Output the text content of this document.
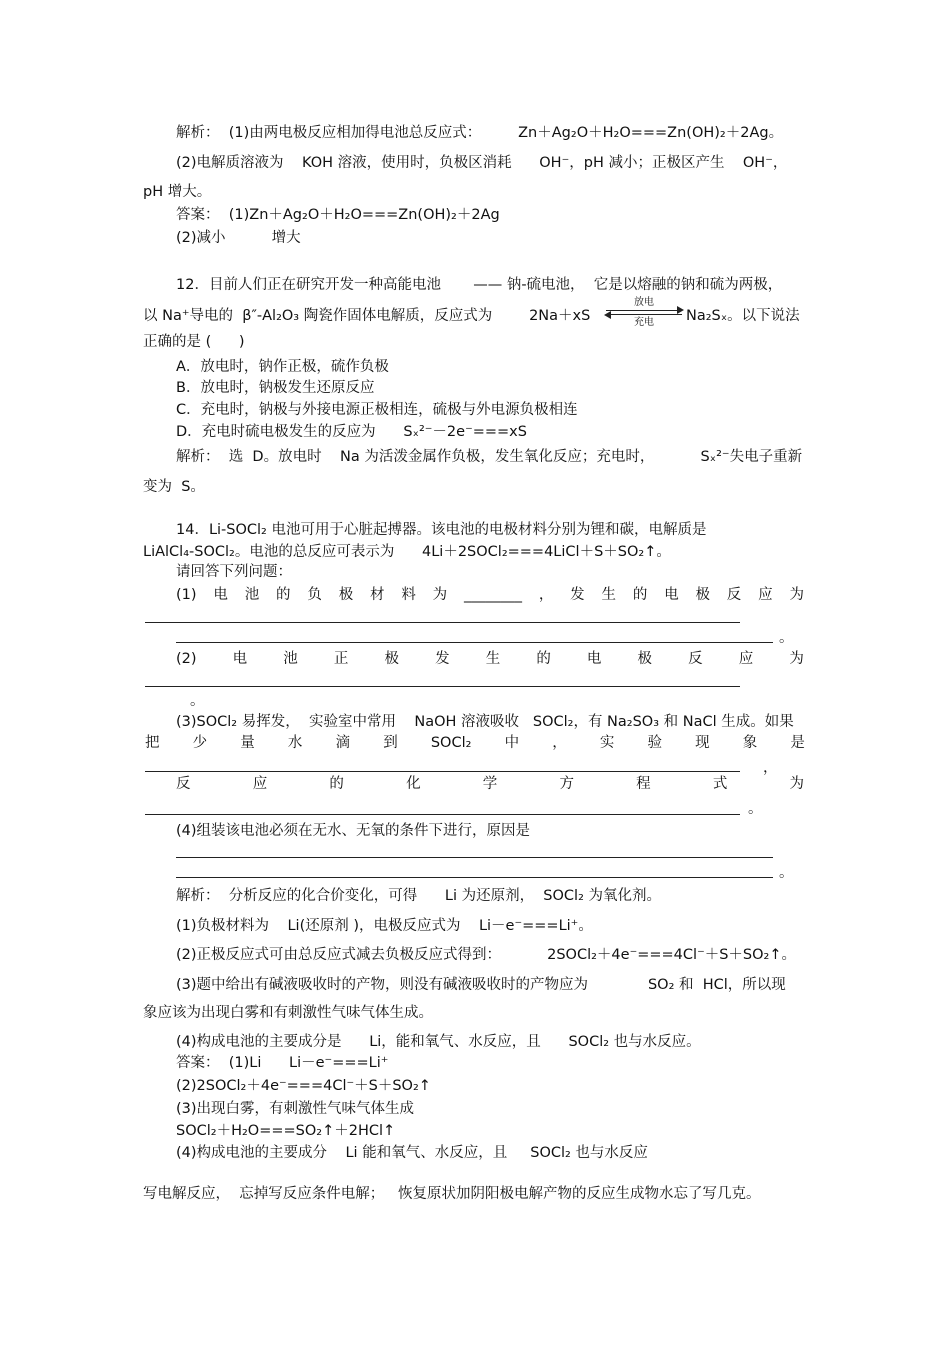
解析：  (1)由两电极反应相加得电池总反应式：        Zn＋Ag₂O＋H₂O===Zn(OH)₂＋2Ag。
(2)电解质溶液为    KOH 溶液，使用时，负极区消耗      OH⁻，pH 减小；正极区产生    OH⁻，
pH 增大。
答案：  (1)Zn＋Ag₂O＋H₂O===Zn(OH)₂＋2Ag
(2)减小          增大
12．目前人们正在研究开发一种高能电池       —— 钠-硫电池，  它是以熔融的钠和硫为两极，
以 Na⁺导电的  β″-Al₂O₃ 陶瓷作固体电解质，反应式为        2Na＋xS
放电
充电	Na₂Sₓ。以下说法
正确的是 (      )
A．放电时，钠作正极，硫作负极
B．放电时，钠极发生还原反应
C．充电时，钠极与外接电源正极相连，硫极与外电源负极相连
D．充电时硫电极发生的反应为      Sₓ²⁻－2e⁻===xS
解析：  选  D。放电时    Na 为活泼金属作负极，发生氧化反应；充电时，          Sₓ²⁻失电子重新
变为  S。
14．Li-SOCl₂ 电池可用于心脏起搏器。该电池的电极材料分别为锂和碳，电解质是
LiAlCl₄-SOCl₂。电池的总反应可表示为      4Li＋2SOCl₂===4LiCl＋S＋SO₂↑。
请回答下列问题：
(1) 电 池 的 负 极 材 料 为 ________ ， 发 生 的 电 极 反 应 为
。
(2) 电 池 正 极 发 生 的 电 极 反 应 为
。
(3)SOCl₂ 易挥发，  实验室中常用    NaOH 溶液吸收   SOCl₂，有 Na₂SO₃ 和 NaCl 生成。如果
把 少 量 水 滴 到 SOCl₂ 中 ， 实 验 现 象 是
，
反	应	的	化	学	方	程	式	为
。
(4)组装该电池必须在无水、无氧的条件下进行，原因是
。
解析：  分析反应的化合价变化，可得      Li 为还原剂，  SOCl₂ 为氧化剂。
(1)负极材料为    Li(还原剂 )，电极反应式为    Li－e⁻===Li⁺。
(2)正极反应式可由总反应式减去负极反应式得到：          2SOCl₂＋4e⁻===4Cl⁻＋S＋SO₂↑。
(3)题中给出有碱液吸收时的产物，则没有碱液吸收时的产物应为             SO₂ 和  HCl，所以现
象应该为出现白雾和有刺激性气味气体生成。
(4)构成电池的主要成分是      Li，能和氧气、水反应，且      SOCl₂ 也与水反应。
答案：  (1)Li      Li－e⁻===Li⁺
(2)2SOCl₂＋4e⁻===4Cl⁻＋S＋SO₂↑
(3)出现白雾，有刺激性气味气体生成
SOCl₂＋H₂O===SO₂↑＋2HCl↑
(4)构成电池的主要成分    Li 能和氧气、水反应，且     SOCl₂ 也与水反应
写电解反应，  忘掉写反应条件电解；   恢复原状加阴阳极电解产物的反应生成物水忘了写几克。
